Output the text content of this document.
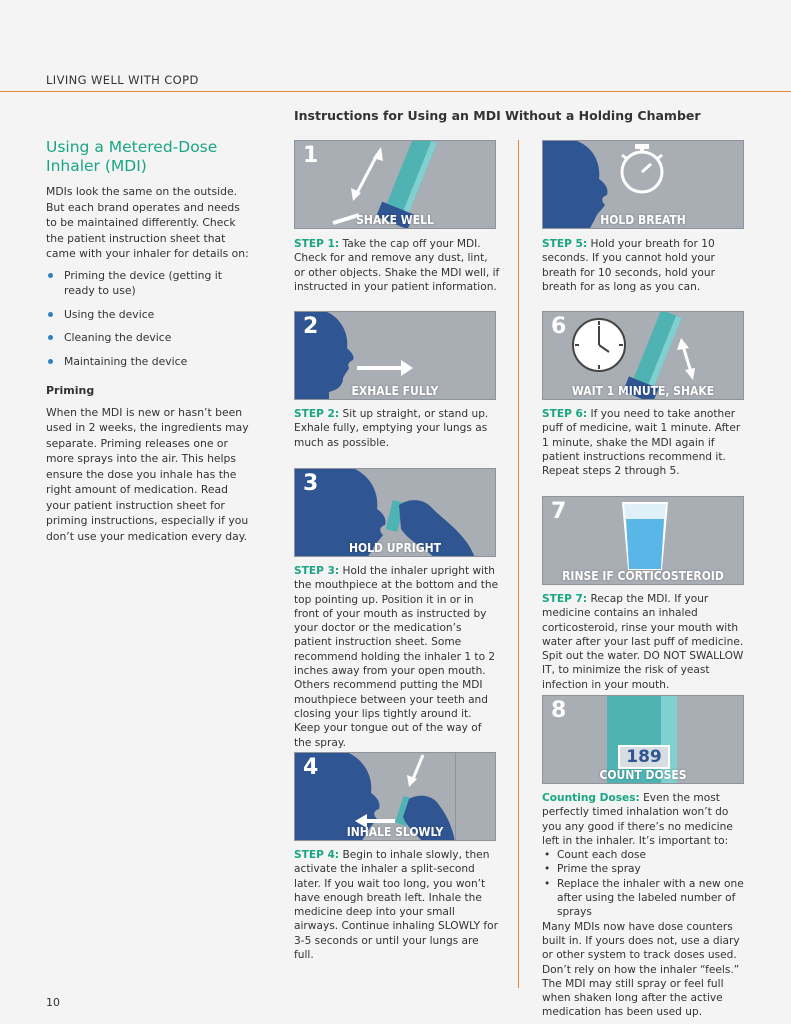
LIVING WELL WITH COPD
Instructions for Using an MDI Without a Holding Chamber
Using a Metered-Dose Inhaler (MDI)

MDIs look the same on the outside. But each brand operates and needs to be maintained differently. Check the patient instruction sheet that came with your inhaler for details on:

Priming the device (getting it ready to use)
Using the device
Cleaning the device
Maintaining the device
Priming

When the MDI is new or hasn’t been used in 2 weeks, the ingredients may separate. Priming releases one or more sprays into the air. This helps ensure the dose you inhale has the right amount of medication. Read your patient instruction sheet for priming instructions, especially if you don’t use your medication every day.

1
SHAKE WELL
STEP 1: Take the cap off your MDI. Check for and remove any dust, lint, or other objects. Shake the MDI well, if instructed in your patient information.
2
EXHALE FULLY
STEP 2: Sit up straight, or stand up. Exhale fully, emptying your lungs as much as possible.
3
HOLD UPRIGHT
STEP 3: Hold the inhaler upright with the mouthpiece at the bottom and the top pointing up. Position it in or in front of your mouth as instructed by your doctor or the medication’s patient instruction sheet. Some recommend holding the inhaler 1 to 2 inches away from your open mouth. Others recommend putting the MDI mouthpiece between your teeth and closing your lips tightly around it. Keep your tongue out of the way of the spray.
4
INHALE SLOWLY
STEP 4: Begin to inhale slowly, then activate the inhaler a split-second later. If you wait too long, you won’t have enough breath left. Inhale the medicine deep into your small airways. Continue inhaling SLOWLY for 3-5 seconds or until your lungs are full.
HOLD BREATH
STEP 5: Hold your breath for 10 seconds. If you cannot hold your breath for 10 seconds, hold your breath for as long as you can.
6
WAIT 1 MINUTE, SHAKE
STEP 6: If you need to take another puff of medicine, wait 1 minute. After 1 minute, shake the MDI again if patient instructions recommend it. Repeat steps 2 through 5.
7
RINSE IF CORTICOSTEROID
STEP 7: Recap the MDI. If your medicine contains an inhaled corticosteroid, rinse your mouth with water after your last puff of medicine. Spit out the water. DO NOT SWALLOW IT, to minimize the risk of yeast infection in your mouth.
189
8
COUNT DOSES
Counting Doses: Even the most perfectly timed inhalation won’t do you any good if there’s no medicine left in the inhaler. It’s important to:
• Count each dose
• Prime the spray
• Replace the inhaler with a new one after using the labeled number of sprays
Many MDIs now have dose counters built in. If yours does not, use a diary or other system to track doses used. Don’t rely on how the inhaler “feels.” The MDI may still spray or feel full when shaken long after the active medication has been used up.
10
